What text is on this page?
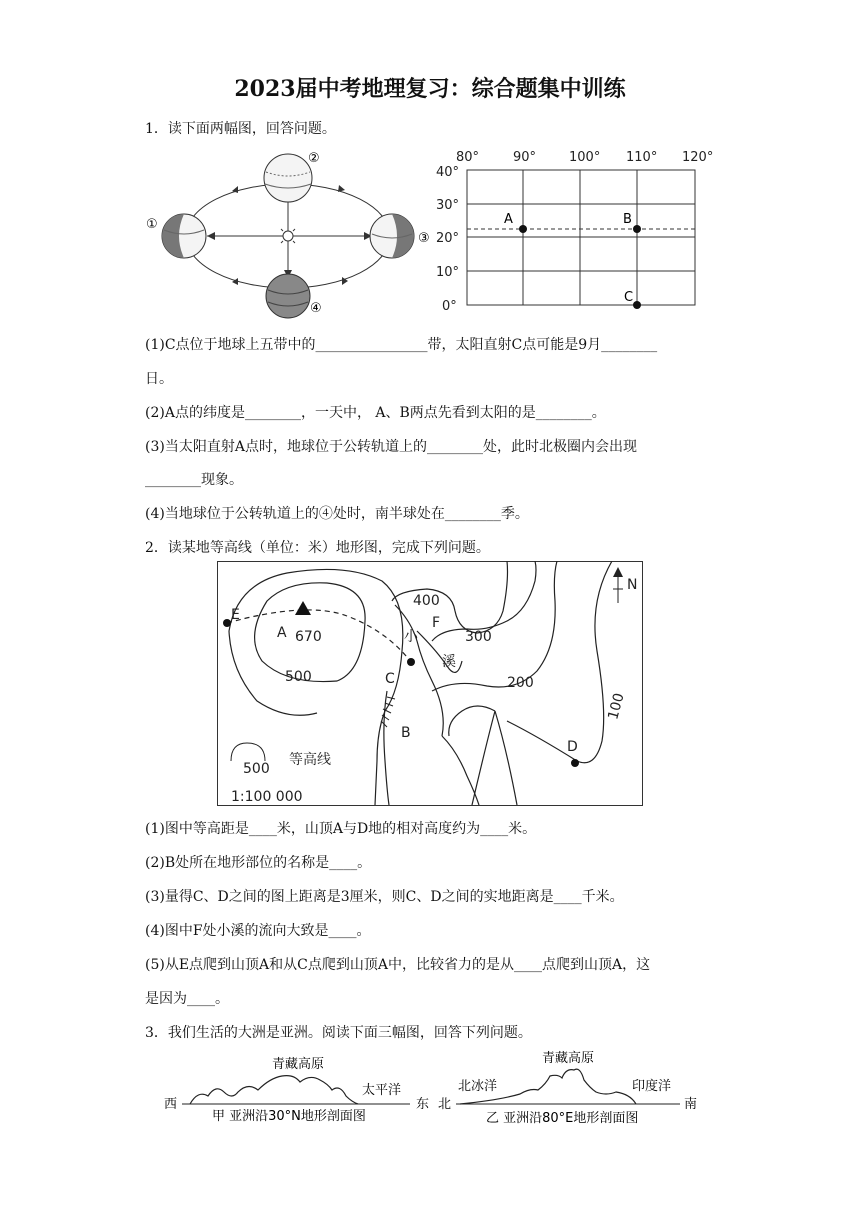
2023届中考地理复习：综合题集中训练
1．读下面两幅图，回答问题。
②
①
③
④
80°	90°	100° 110° 120°
40°
30°
20°
10°
0°
A	B
C
(1)C点位于地球上五带中的________________带，太阳直射C点可能是9月________
日。
(2)A点的纬度是________，一天中， A、B两点先看到太阳的是________。
(3)当太阳直射A点时，地球位于公转轨道上的________处，此时北极圈内会出现
________现象。
(4)当地球位于公转轨道上的④处时，南半球处在________季。
2．读某地等高线（单位：米）地形图，完成下列问题。
400
300
200
100
500
670
E
A
F
C
B
D
小
溪
N
500
等高线
1:100 000
(1)图中等高距是____米，山顶A与D地的相对高度约为____米。
(2)B处所在地形部位的名称是____。
(3)量得C、D之间的图上距离是3厘米，则C、D之间的实地距离是____千米。
(4)图中F处小溪的流向大致是____。
(5)从E点爬到山顶A和从C点爬到山顶A中，比较省力的是从____点爬到山顶A，这
是因为____。
3．我们生活的大洲是亚洲。阅读下面三幅图，回答下列问题。
青藏高原
太平洋
西	东
甲 亚洲沿30°N地形剖面图
青藏高原
北冰洋	印度洋
北	南
乙 亚洲沿80°E地形剖面图
